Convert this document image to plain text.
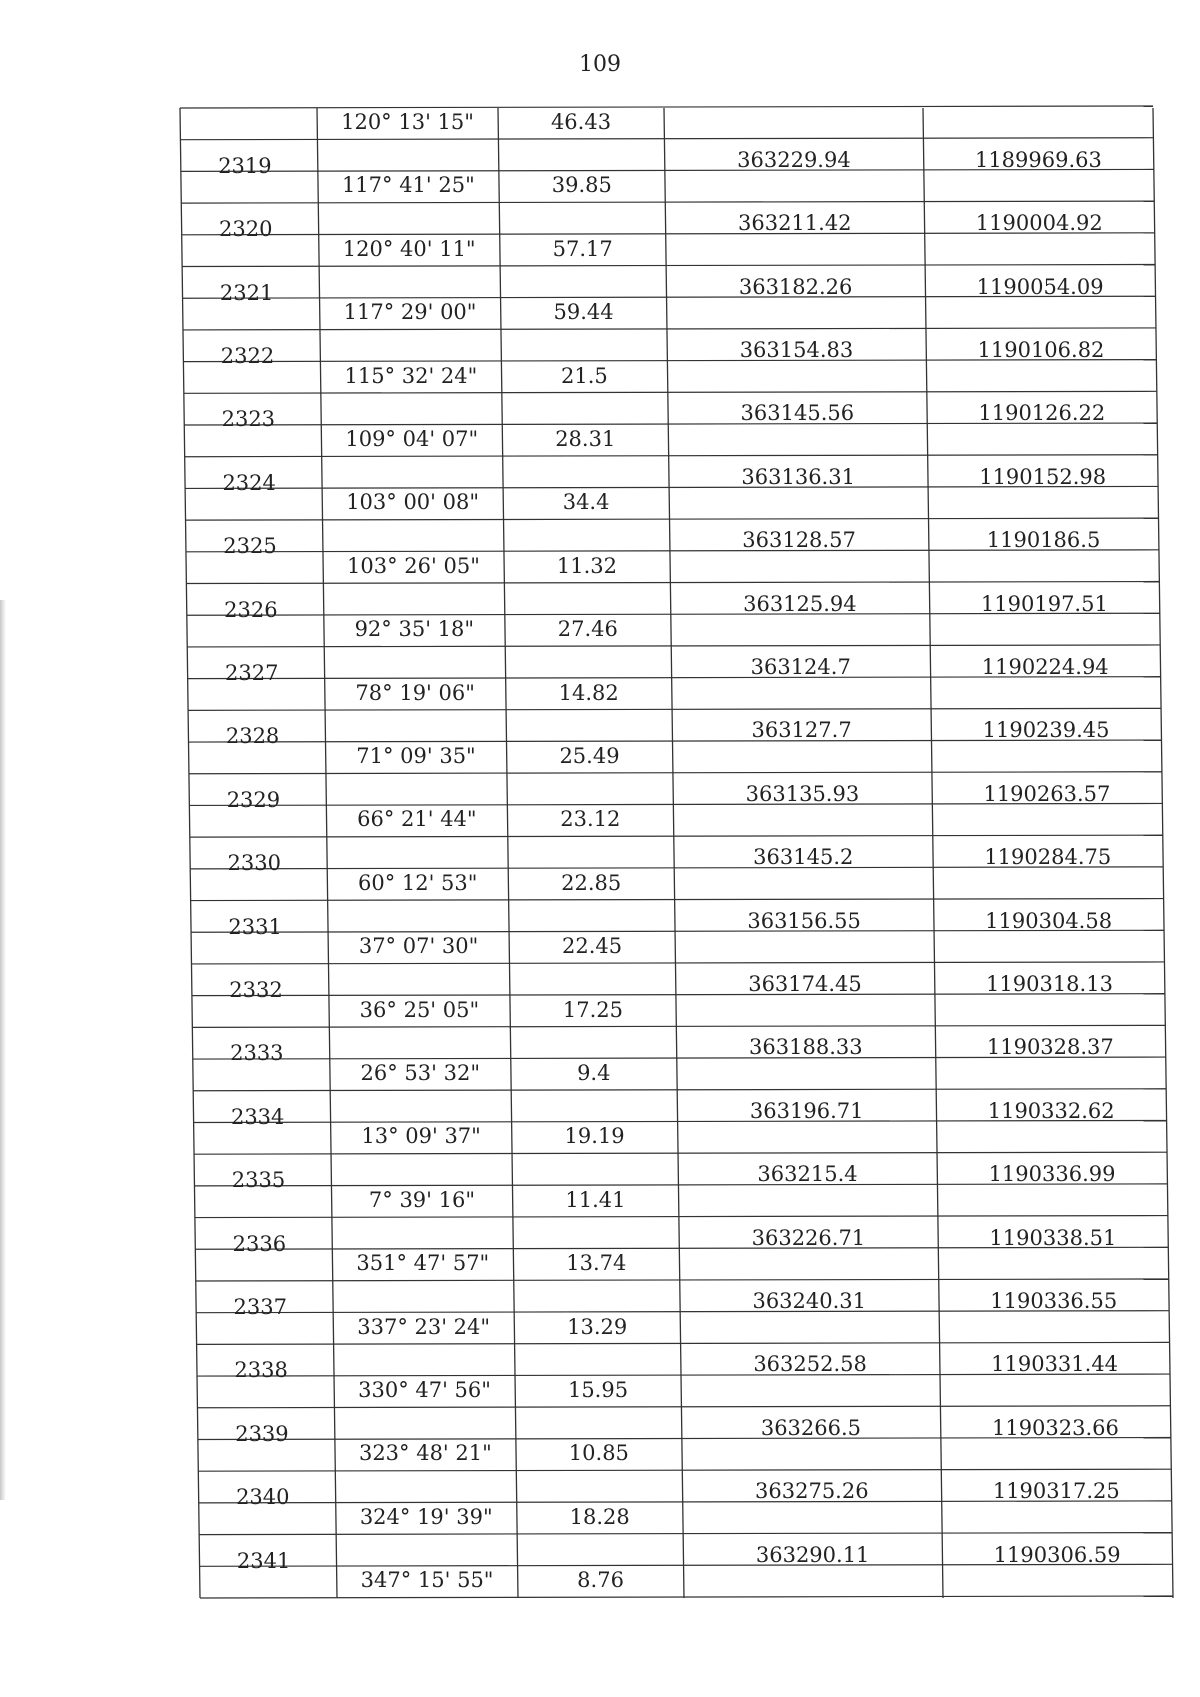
109
120° 13' 15"	46.43
2319	363229.94	1189969.63
117° 41' 25"	39.85
2320	363211.42	1190004.92
120° 40' 11"	57.17
2321	363182.26	1190054.09
117° 29' 00"	59.44
2322	363154.83	1190106.82
115° 32' 24"	21.5
2323	363145.56	1190126.22
109° 04' 07"	28.31
2324	363136.31	1190152.98
103° 00' 08"	34.4
2325	363128.57	1190186.5
103° 26' 05"	11.32
2326	363125.94	1190197.51
92° 35' 18"	27.46
2327	363124.7	1190224.94
78° 19' 06"	14.82
2328	363127.7	1190239.45
71° 09' 35"	25.49
2329	363135.93	1190263.57
66° 21' 44"	23.12
2330	363145.2	1190284.75
60° 12' 53"	22.85
2331	363156.55	1190304.58
37° 07' 30"	22.45
2332	363174.45	1190318.13
36° 25' 05"	17.25
2333	363188.33	1190328.37
26° 53' 32"	9.4
2334	363196.71	1190332.62
13° 09' 37"	19.19
2335	363215.4	1190336.99
7° 39' 16"	11.41
2336	363226.71	1190338.51
351° 47' 57"	13.74
2337	363240.31	1190336.55
337° 23' 24"	13.29
2338	363252.58	1190331.44
330° 47' 56"	15.95
2339	363266.5	1190323.66
323° 48' 21"	10.85
2340	363275.26	1190317.25
324° 19' 39"	18.28
2341	363290.11	1190306.59
347° 15' 55"	8.76
